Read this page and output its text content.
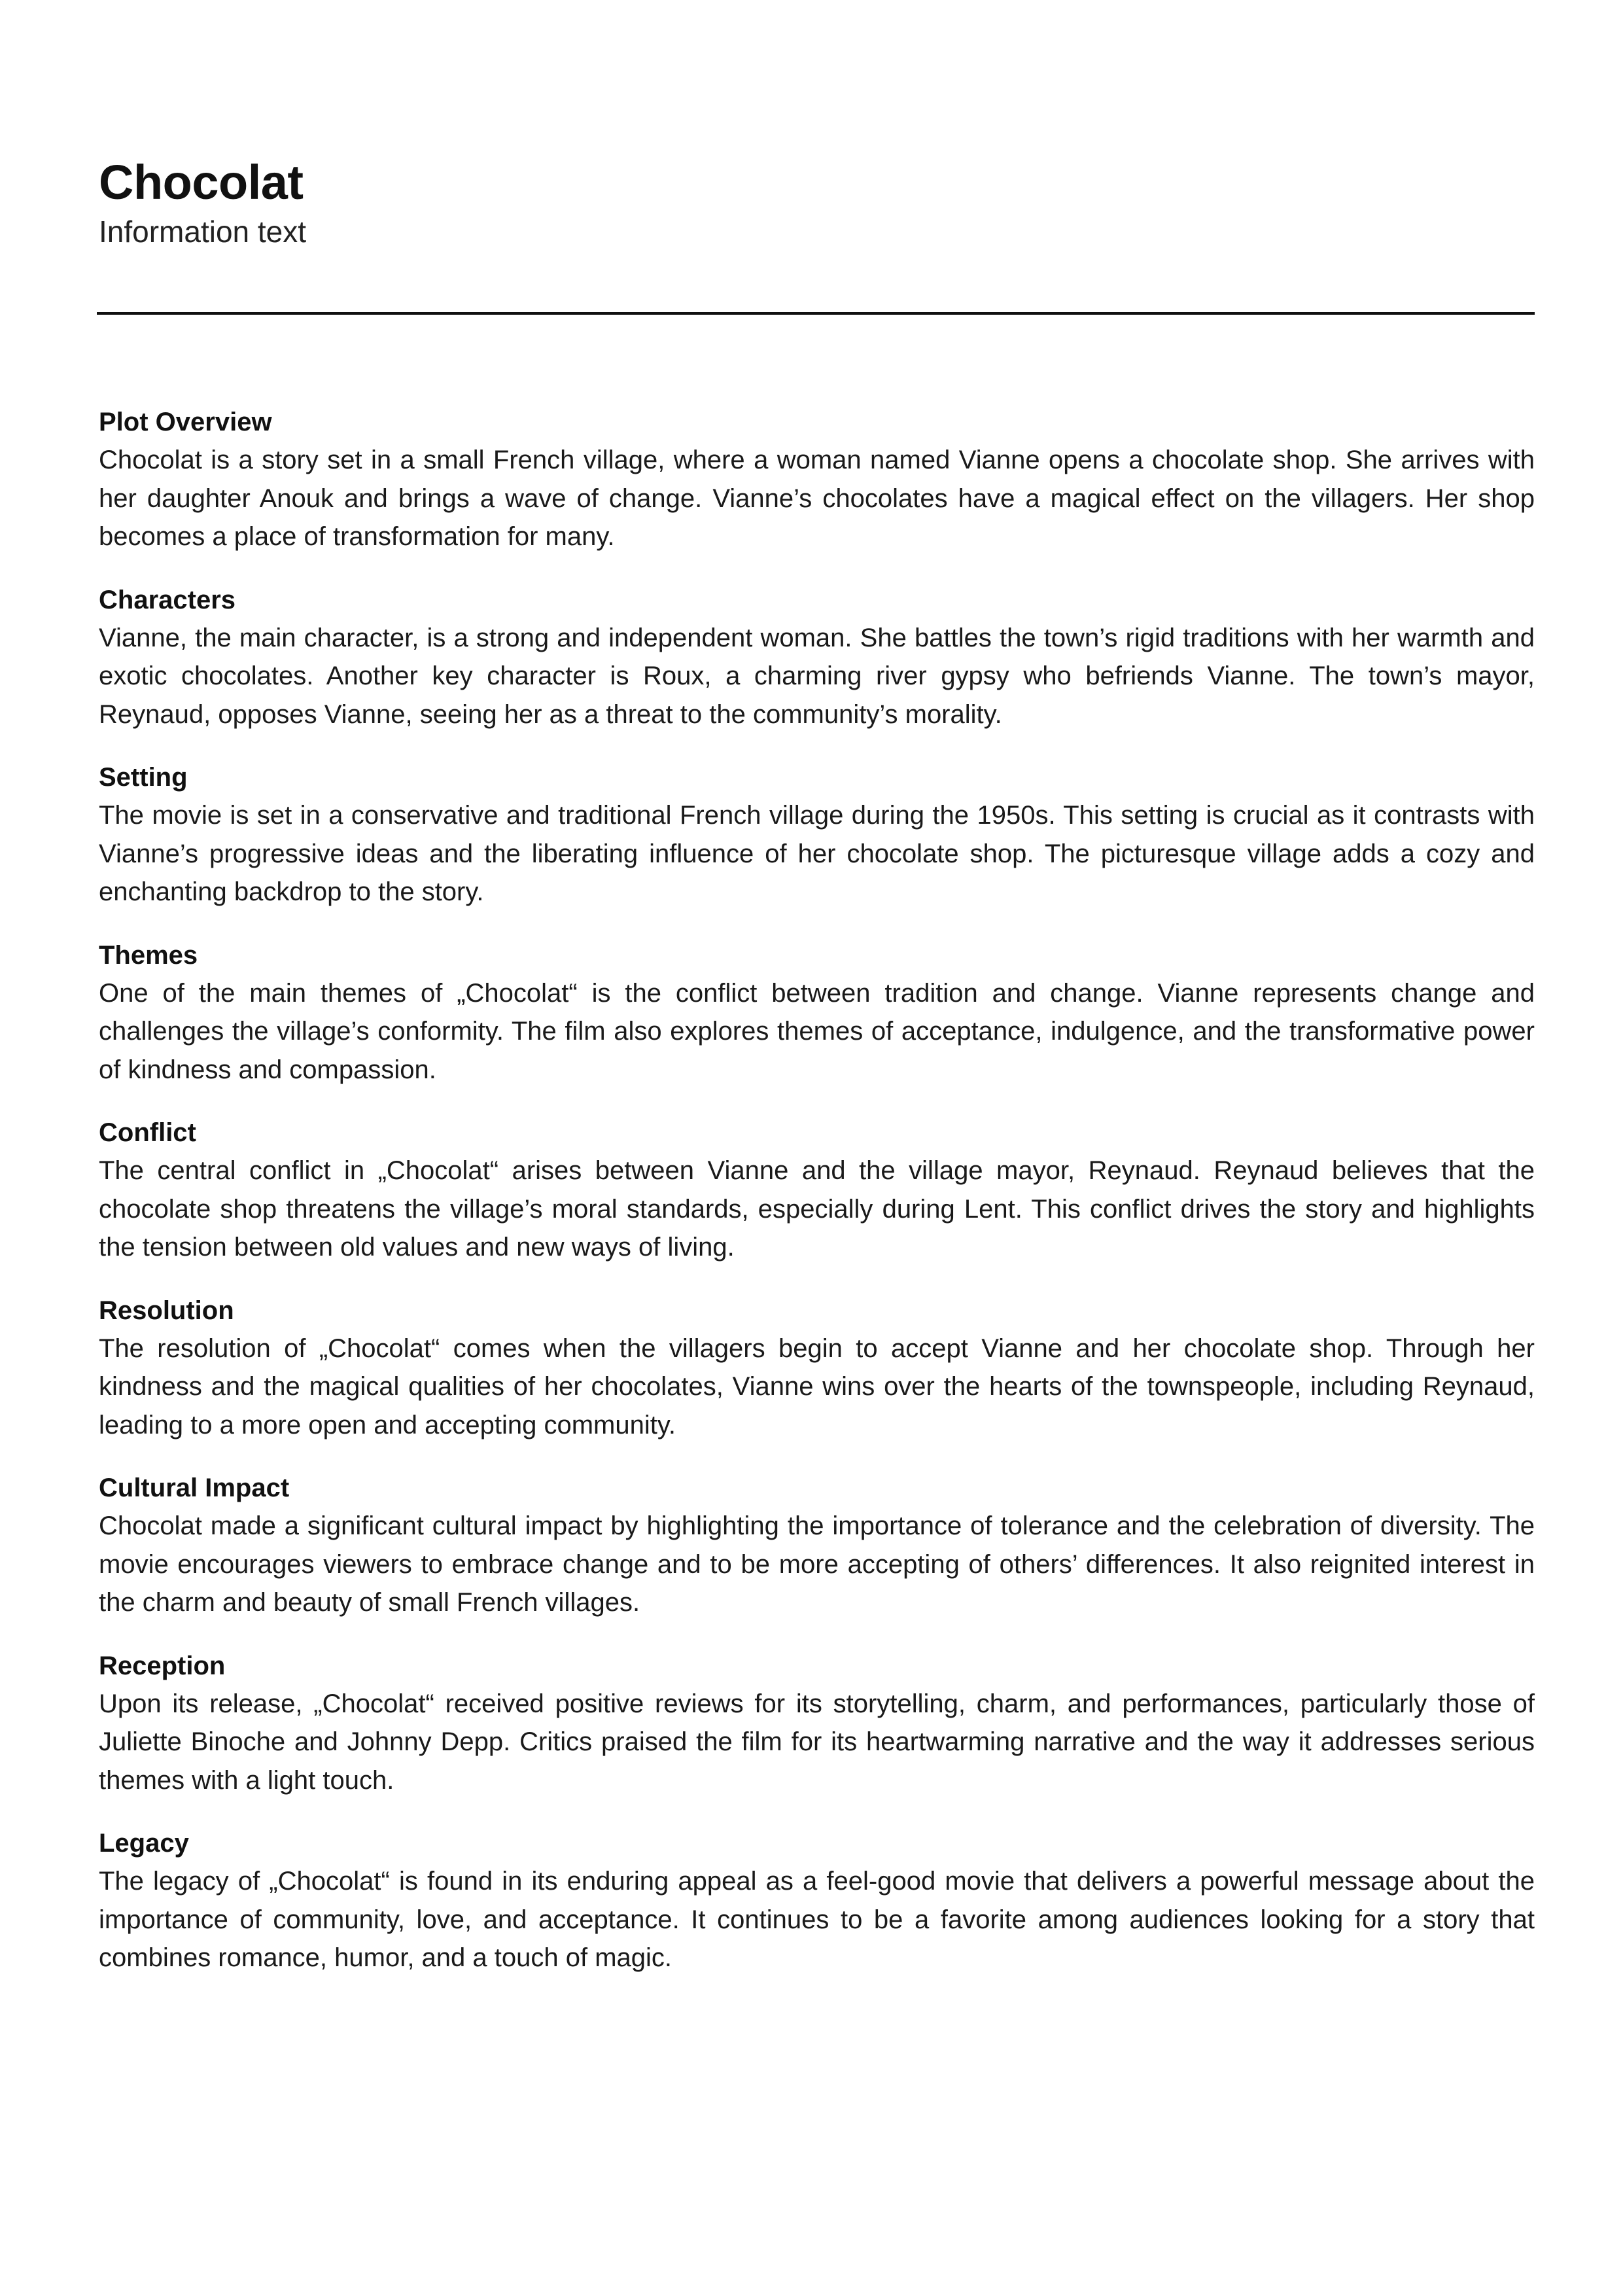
Chocolat

Information text

Plot Overview

Chocolat is a story set in a small French village, where a woman named Vianne opens a chocolate shop. She arrives with her daughter Anouk and brings a wave of change. Vianne’s chocolates have a magical effect on the villagers. Her shop becomes a place of transformation for many.

Characters

Vianne, the main character, is a strong and independent woman. She battles the town’s rigid traditions with her warmth and exotic chocolates. Another key character is Roux, a charming river gypsy who befriends Vianne. The town’s mayor, Reynaud, opposes Vianne, seeing her as a threat to the community’s morality.

Setting

The movie is set in a conservative and traditional French village during the 1950s. This setting is crucial as it contrasts with Vianne’s progressive ideas and the liberating influence of her chocolate shop. The picturesque village adds a cozy and enchanting backdrop to the story.

Themes

One of the main themes of „Chocolat“ is the conflict between tradition and change. Vianne represents change and challenges the village’s conformity. The film also explores themes of acceptance, indulgence, and the transformative power of kindness and compassion.

Conflict

The central conflict in „Chocolat“ arises between Vianne and the village mayor, Reynaud. Reynaud believes that the chocolate shop threatens the village’s moral standards, especially during Lent. This conflict drives the story and highlights the tension between old values and new ways of living.

Resolution

The resolution of „Chocolat“ comes when the villagers begin to accept Vianne and her chocolate shop. Through her kindness and the magical qualities of her chocolates, Vianne wins over the hearts of the townspeople, including Reynaud, leading to a more open and accepting community.

Cultural Impact

Chocolat made a significant cultural impact by highlighting the importance of tolerance and the celebration of diversity. The movie encourages viewers to embrace change and to be more accepting of others’ differences. It also reignited interest in the charm and beauty of small French villages.

Reception

Upon its release, „Chocolat“ received positive reviews for its storytelling, charm, and performances, particularly those of Juliette Binoche and Johnny Depp. Critics praised the film for its heartwarming narrative and the way it addresses serious themes with a light touch.

Legacy

The legacy of „Chocolat“ is found in its enduring appeal as a feel-good movie that delivers a powerful message about the importance of community, love, and acceptance. It continues to be a favorite among audiences looking for a story that combines romance, humor, and a touch of magic.
